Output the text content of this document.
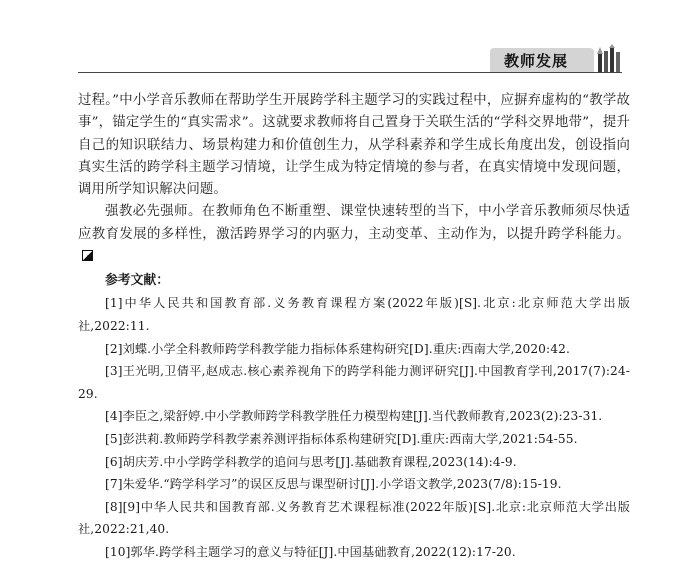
教师发展

过程。”中小学音乐教师在帮助学生开展跨学科主题学习的实践过程中，应摒弃虚构的“教学故事”，锚定学生的“真实需求”。这就要求教师将自己置身于关联生活的“学科交界地带”，提升自己的知识联结力、场景构建力和价值创生力，从学科素养和学生成长角度出发，创设指向真实生活的跨学科主题学习情境，让学生成为特定情境的参与者，在真实情境中发现问题，调用所学知识解决问题。

强教必先强师。在教师角色不断重塑、课堂快速转型的当下，中小学音乐教师须尽快适应教育发展的多样性，激活跨界学习的内驱力，主动变革、主动作为，以提升跨学科能力。

参考文献：

[1]中华人民共和国教育部.义务教育课程方案(2022年版)[S].北京:北京师范大学出版社,2022:11.

[2]刘蝶.小学全科教师跨学科教学能力指标体系建构研究[D].重庆:西南大学,2020:42.

[3]王光明,卫倩平,赵成志.核心素养视角下的跨学科能力测评研究[J].中国教育学刊,2017(7):24-29.

[4]李臣之,梁舒婷.中小学教师跨学科教学胜任力模型构建[J].当代教师教育,2023(2):23-31.

[5]彭洪莉.教师跨学科教学素养测评指标体系构建研究[D].重庆:西南大学,2021:54-55.

[6]胡庆芳.中小学跨学科教学的追问与思考[J].基础教育课程,2023(14):4-9.

[7]朱爱华.“跨学科学习”的误区反思与课型研讨[J].小学语文教学,2023(7/8):15-19.

[8][9]中华人民共和国教育部.义务教育艺术课程标准(2022年版)[S].北京:北京师范大学出版社,2022:21,40.

[10]郭华.跨学科主题学习的意义与特征[J].中国基础教育,2022(12):17-20.
